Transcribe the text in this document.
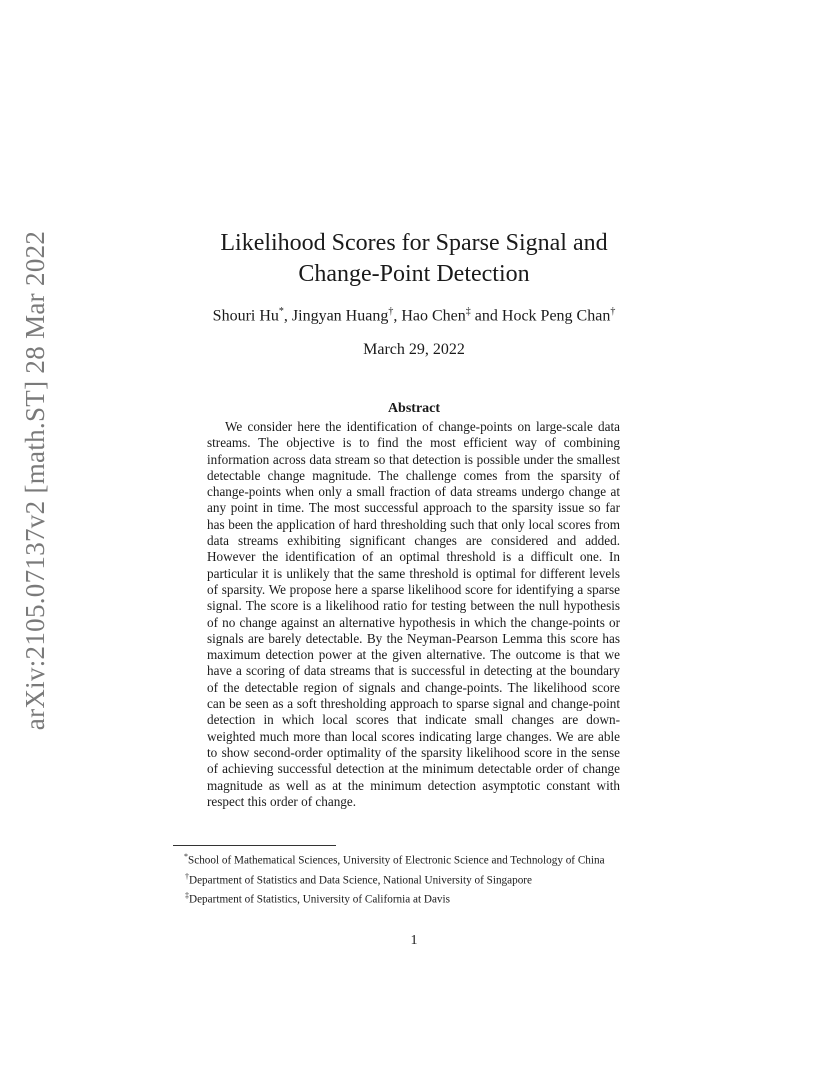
arXiv:2105.07137v2 [math.ST] 28 Mar 2022	Likelihood Scores for Sparse Signal and
Change-Point Detection
Shouri Hu*, Jingyan Huang†, Hao Chen‡ and Hock Peng Chan†
March 29, 2022
Abstract

We consider here the identification of change-points on large-scale data streams. The objective is to find the most efficient way of combining information across data stream so that detection is possible under the smallest detectable change magnitude. The challenge comes from the sparsity of change-points when only a small fraction of data streams undergo change at any point in time. The most successful approach to the sparsity issue so far has been the application of hard thresholding such that only local scores from data streams exhibiting significant changes are considered and added. However the identification of an optimal threshold is a difficult one. In particular it is unlikely that the same threshold is optimal for different levels of sparsity. We propose here a sparse likelihood score for identifying a sparse signal. The score is a likelihood ratio for testing between the null hypothesis of no change against an alternative hypothesis in which the change-points or signals are barely detectable. By the Neyman-Pearson Lemma this score has maximum detection power at the given alternative. The outcome is that we have a scoring of data streams that is successful in detecting at the boundary of the detectable region of signals and change-points. The likelihood score can be seen as a soft thresholding approach to sparse signal and change-point detection in which local scores that indicate small changes are down-weighted much more than local scores indicating large changes. We are able to show second-order optimality of the sparsity likelihood score in the sense of achieving successful detection at the minimum detectable order of change magnitude as well as at the minimum detection asymptotic constant with respect this order of change.

*School of Mathematical Sciences, University of Electronic Science and Technology of China

†Department of Statistics and Data Science, National University of Singapore

‡Department of Statistics, University of California at Davis

1
